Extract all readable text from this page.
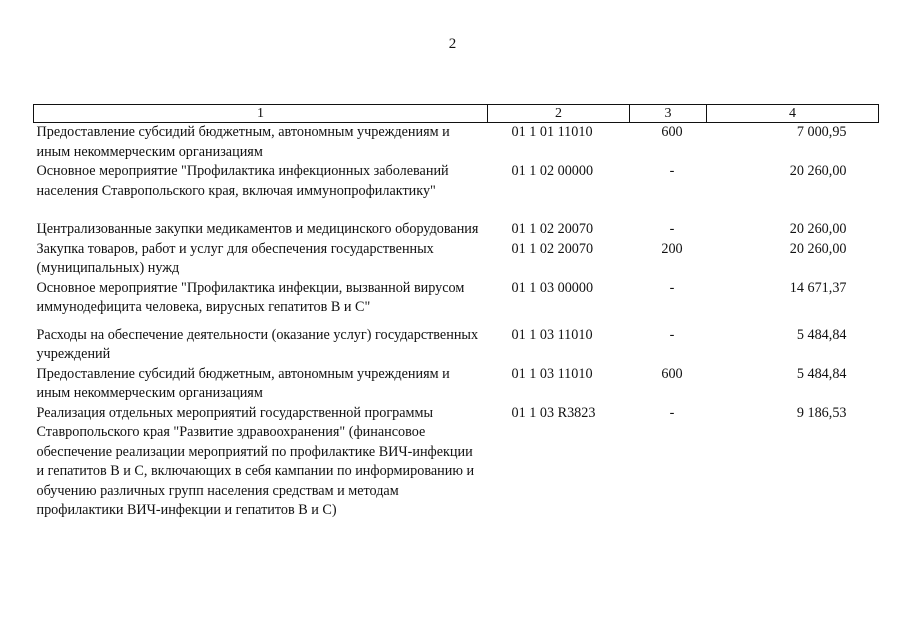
2
1	2	3	4
Предоставление субсидий бюджетным, автономным учреждениям и иным некоммерческим организациям	01 1 01 11010	600	7 000,95
Основное мероприятие "Профилактика инфекционных заболеваний населения Ставропольского края, включая иммунопрофилактику"	01 1 02 00000	-	20 260,00
Централизованные закупки медикаментов и медицинского оборудования	01 1 02 20070	-	20 260,00
Закупка товаров, работ и услуг для обеспечения государственных (муниципальных) нужд	01 1 02 20070	200	20 260,00
Основное мероприятие "Профилактика инфекции, вызванной вирусом иммунодефицита человека, вирусных гепатитов В и С"	01 1 03 00000	-	14 671,37
Расходы на обеспечение деятельности (оказание услуг) государственных учреждений	01 1 03 11010	-	5 484,84
Предоставление субсидий бюджетным, автономным учреждениям и иным некоммерческим организациям	01 1 03 11010	600	5 484,84
Реализация отдельных мероприятий государственной программы Ставропольского края "Развитие здравоохранения" (финансовое обеспечение реализации мероприятий по профилактике ВИЧ-инфекции и гепатитов В и С, включающих в себя кампании по информированию и обучению различных групп населения средствам и методам профилактики ВИЧ-инфекции и гепатитов В и С)	01 1 03 R3823	-	9 186,53
